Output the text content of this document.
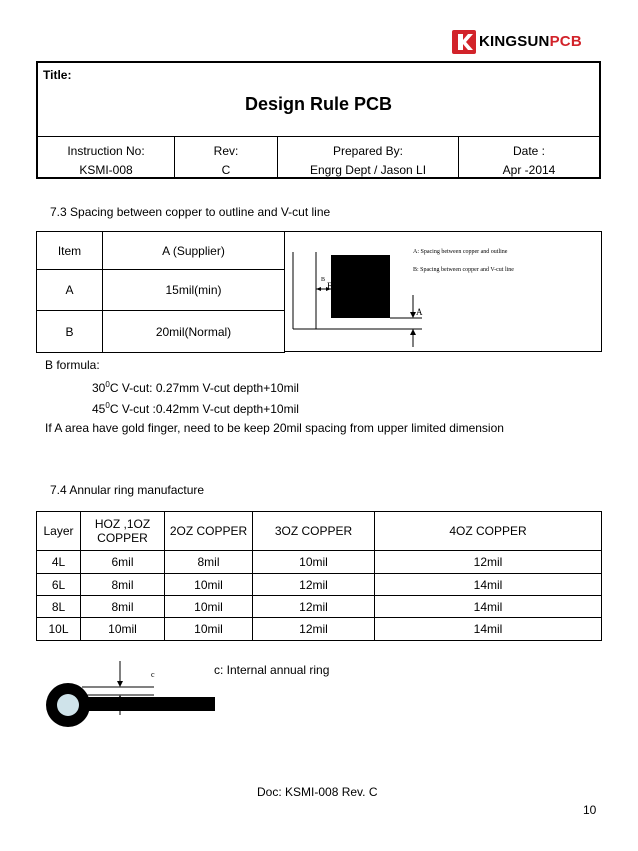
KINGSUNPCB
Title:
Design Rule PCB
Instruction No:
KSMI-008
Rev:
C
Prepared By:
Engrg Dept / Jason LI
Date :
Apr -2014
7.3 Spacing between copper to outline and V-cut line
Item	A (Supplier)
A	15mil(min)
B	20mil(Normal)
B
B
A
A: Spacing between copper and outline
B: Spacing between copper and V-cut line
B formula:
$30^0C$ V-cut: 0.27mm V-cut depth+10mil
$45^0C$ V-cut :0.42mm V-cut depth+10mil
If A area have gold finger, need to be keep 20mil spacing from upper limited dimension
7.4 Annular ring manufacture
Layer	HOZ ,1OZ COPPER	2OZ COPPER	3OZ COPPER	4OZ COPPER
4L	6mil	8mil	10mil	12mil
6L	8mil	10mil	12mil	14mil
8L	8mil	10mil	12mil	14mil
10L	10mil	10mil	12mil	14mil
c	c: Internal annual ring
Doc: KSMI-008 Rev. C
10
